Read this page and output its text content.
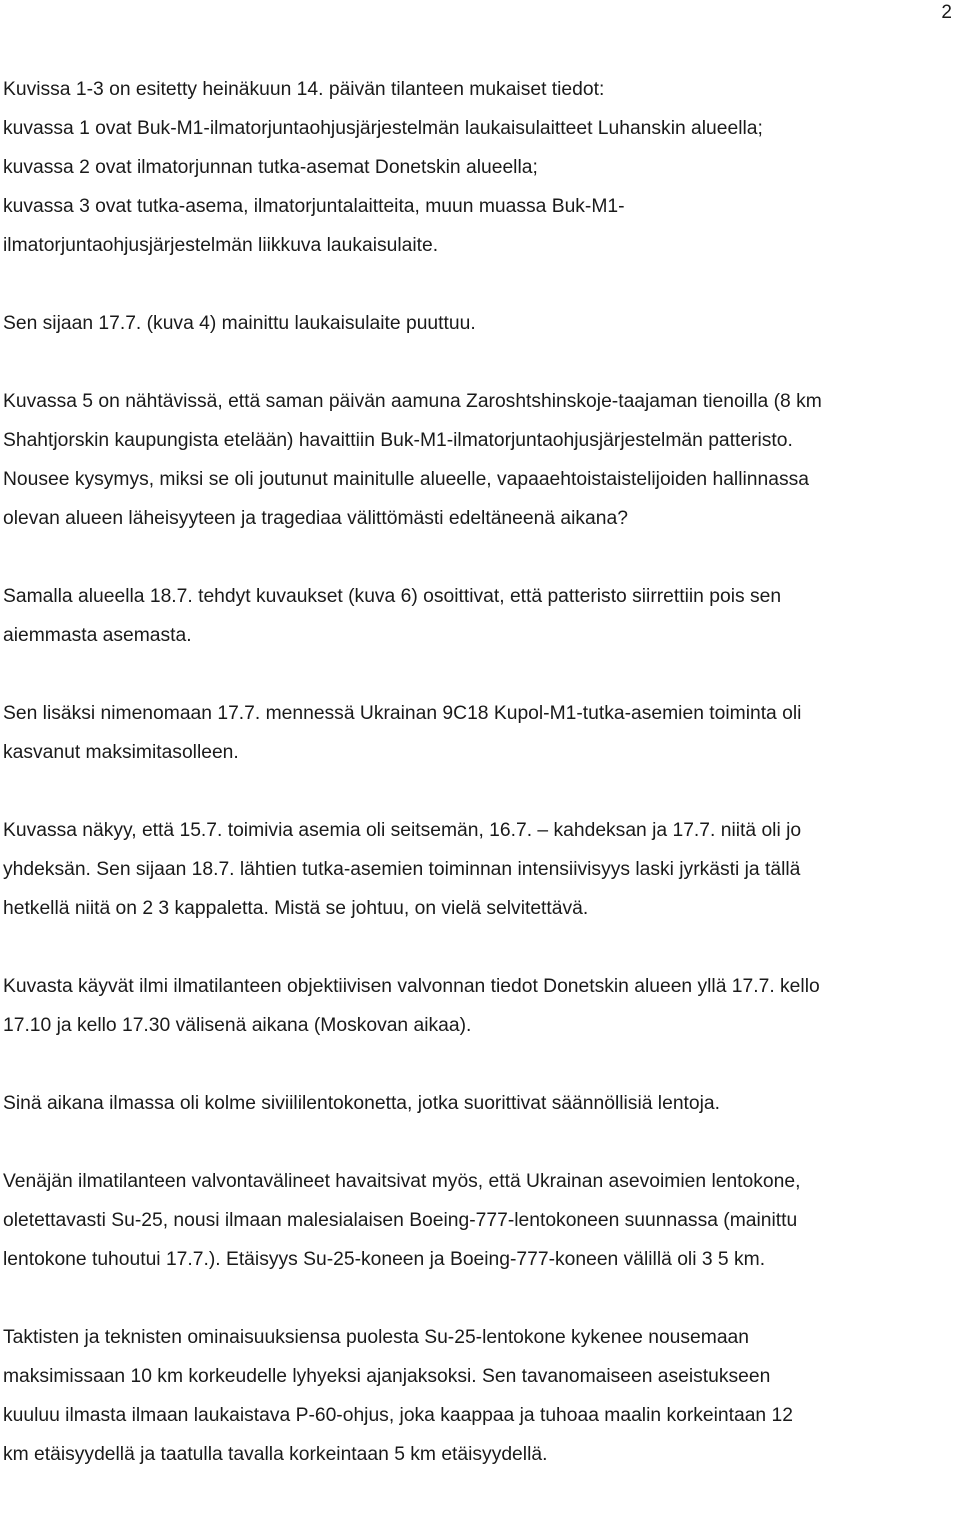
2

Kuvissa 1-3 on esitetty heinäkuun 14. päivän tilanteen mukaiset tiedot:
kuvassa 1 ovat Buk-M1-ilmatorjuntaohjusjärjestelmän laukaisulaitteet Luhanskin alueella;
kuvassa 2 ovat ilmatorjunnan tutka-asemat Donetskin alueella;
kuvassa 3 ovat tutka-asema, ilmatorjuntalaitteita, muun muassa Buk-M1-
ilmatorjuntaohjusjärjestelmän liikkuva laukaisulaite.

Sen sijaan 17.7. (kuva 4) mainittu laukaisulaite puuttuu.

Kuvassa 5 on nähtävissä, että saman päivän aamuna Zaroshtshinskoje-taajaman tienoilla (8 km
Shahtjorskin kaupungista etelään) havaittiin Buk-M1-ilmatorjuntaohjusjärjestelmän patteristo.
Nousee kysymys, miksi se oli joutunut mainitulle alueelle, vapaaehtoistaistelijoiden hallinnassa
olevan alueen läheisyyteen ja tragediaa välittömästi edeltäneenä aikana?

Samalla alueella 18.7. tehdyt kuvaukset (kuva 6) osoittivat, että patteristo siirrettiin pois sen
aiemmasta asemasta.

Sen lisäksi nimenomaan 17.7. mennessä Ukrainan 9C18 Kupol-M1-tutka-asemien toiminta oli
kasvanut maksimitasolleen.

Kuvassa näkyy, että 15.7. toimivia asemia oli seitsemän, 16.7. – kahdeksan ja 17.7. niitä oli jo
yhdeksän. Sen sijaan 18.7. lähtien tutka-asemien toiminnan intensiivisyys laski jyrkästi ja tällä
hetkellä niitä on 2 3 kappaletta. Mistä se johtuu, on vielä selvitettävä.

Kuvasta käyvät ilmi ilmatilanteen objektiivisen valvonnan tiedot Donetskin alueen yllä 17.7. kello
17.10 ja kello 17.30 välisenä aikana (Moskovan aikaa).

Sinä aikana ilmassa oli kolme siviililentokonetta, jotka suorittivat säännöllisiä lentoja.

Venäjän ilmatilanteen valvontavälineet havaitsivat myös, että Ukrainan asevoimien lentokone,
oletettavasti Su-25, nousi ilmaan malesialaisen Boeing-777-lentokoneen suunnassa (mainittu
lentokone tuhoutui 17.7.). Etäisyys Su-25-koneen ja Boeing-777-koneen välillä oli 3 5 km.

Taktisten ja teknisten ominaisuuksiensa puolesta Su-25-lentokone kykenee nousemaan
maksimissaan 10 km korkeudelle lyhyeksi ajanjaksoksi. Sen tavanomaiseen aseistukseen
kuuluu ilmasta ilmaan laukaistava P-60-ohjus, joka kaappaa ja tuhoaa maalin korkeintaan 12
km etäisyydellä ja taatulla tavalla korkeintaan 5 km etäisyydellä.
